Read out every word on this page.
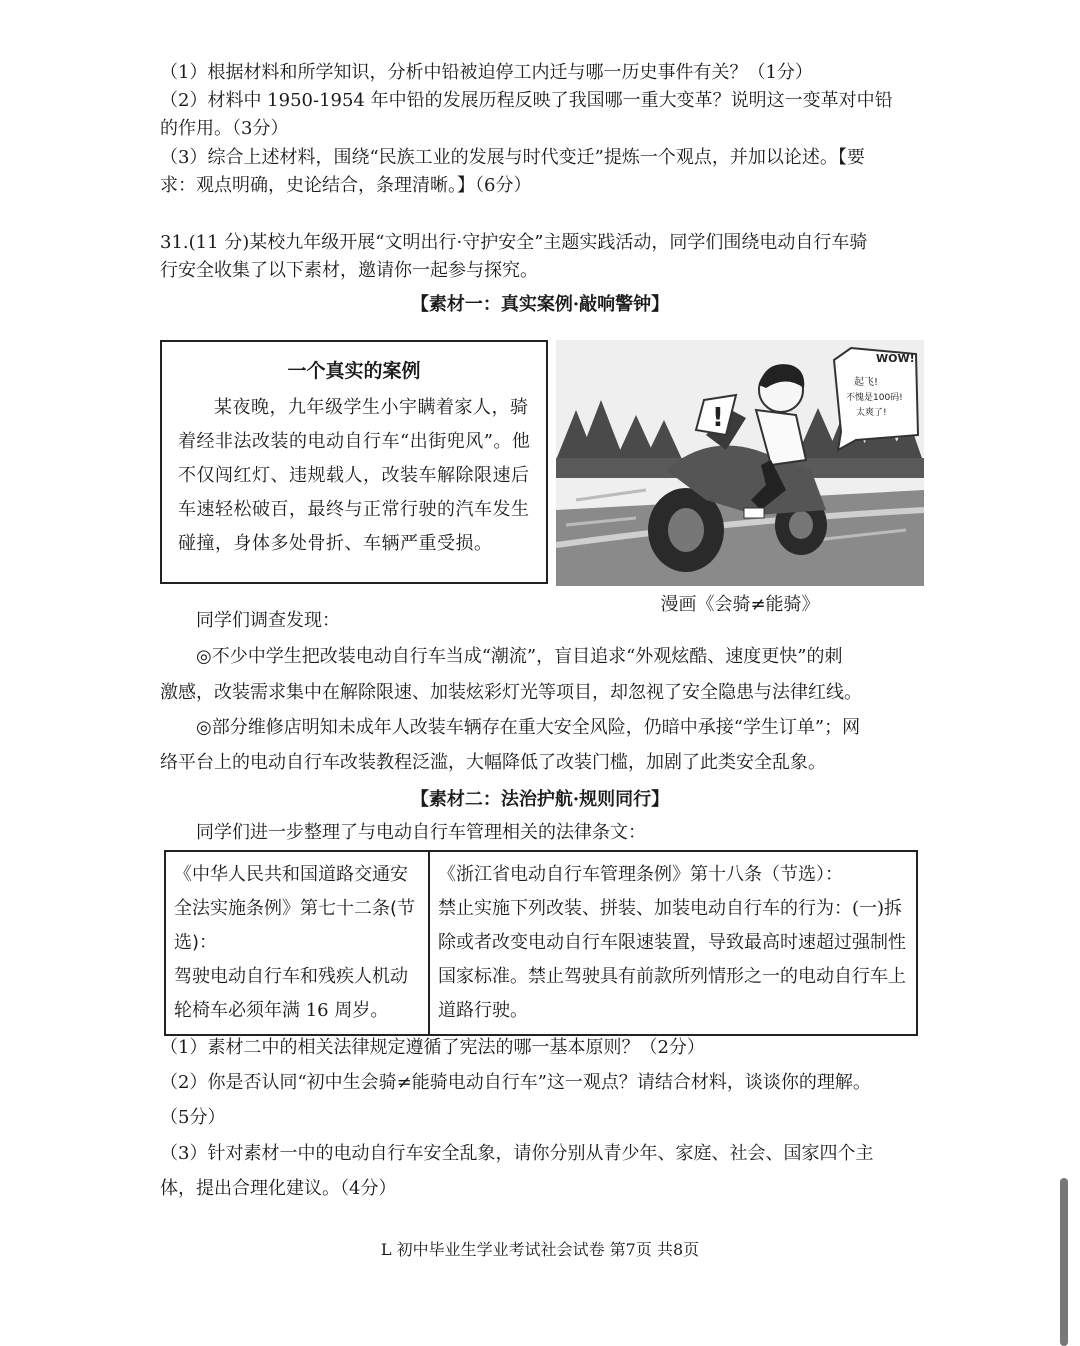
（1）根据材料和所学知识，分析中铅被迫停工内迁与哪一历史事件有关？（1分）
（2）材料中 1950-1954 年中铅的发展历程反映了我国哪一重大变革？说明这一变革对中铅
的作用。（3分）
（3）综合上述材料，围绕“民族工业的发展与时代变迁”提炼一个观点，并加以论述。【要
求：观点明确，史论结合，条理清晰。】（6分）
31.(11 分)某校九年级开展“文明出行·守护安全”主题实践活动，同学们围绕电动自行车骑
行安全收集了以下素材，邀请你一起参与探究。
【素材一：真实案例·敲响警钟】
一个真实的案例
某夜晚，九年级学生小宇瞒着家人，骑着经非法改装的电动自行车“出街兜风”。他不仅闯红灯、违规载人，改装车解除限速后车速轻松破百，最终与正常行驶的汽车发生碰撞，身体多处骨折、车辆严重受损。
!
WOW!
起飞!
不愧是100码!
太爽了!
漫画《会骑≠能骑》
同学们调查发现：
◎不少中学生把改装电动自行车当成“潮流”，盲目追求“外观炫酷、速度更快”的刺
激感，改装需求集中在解除限速、加装炫彩灯光等项目，却忽视了安全隐患与法律红线。
◎部分维修店明知未成年人改装车辆存在重大安全风险，仍暗中承接“学生订单”；网
络平台上的电动自行车改装教程泛滥，大幅降低了改装门槛，加剧了此类安全乱象。
【素材二：法治护航·规则同行】
同学们进一步整理了与电动自行车管理相关的法律条文：
《中华人民共和国道路交通安全法实施条例》第七十二条(节选)：
驾驶电动自行车和残疾人机动轮椅车必须年满 16 周岁。

《浙江省电动自行车管理条例》第十八条（节选）：
禁止实施下列改装、拼装、加装电动自行车的行为：(一)拆除或者改变电动自行车限速装置，导致最高时速超过强制性国家标准。禁止驾驶具有前款所列情形之一的电动自行车上道路行驶。
（1）素材二中的相关法律规定遵循了宪法的哪一基本原则？（2分）
（2）你是否认同“初中生会骑≠能骑电动自行车”这一观点？请结合材料，谈谈你的理解。
（5分）
（3）针对素材一中的电动自行车安全乱象，请你分别从青少年、家庭、社会、国家四个主
体，提出合理化建议。（4分）
L 初中毕业生学业考试社会试卷 第7页 共8页
